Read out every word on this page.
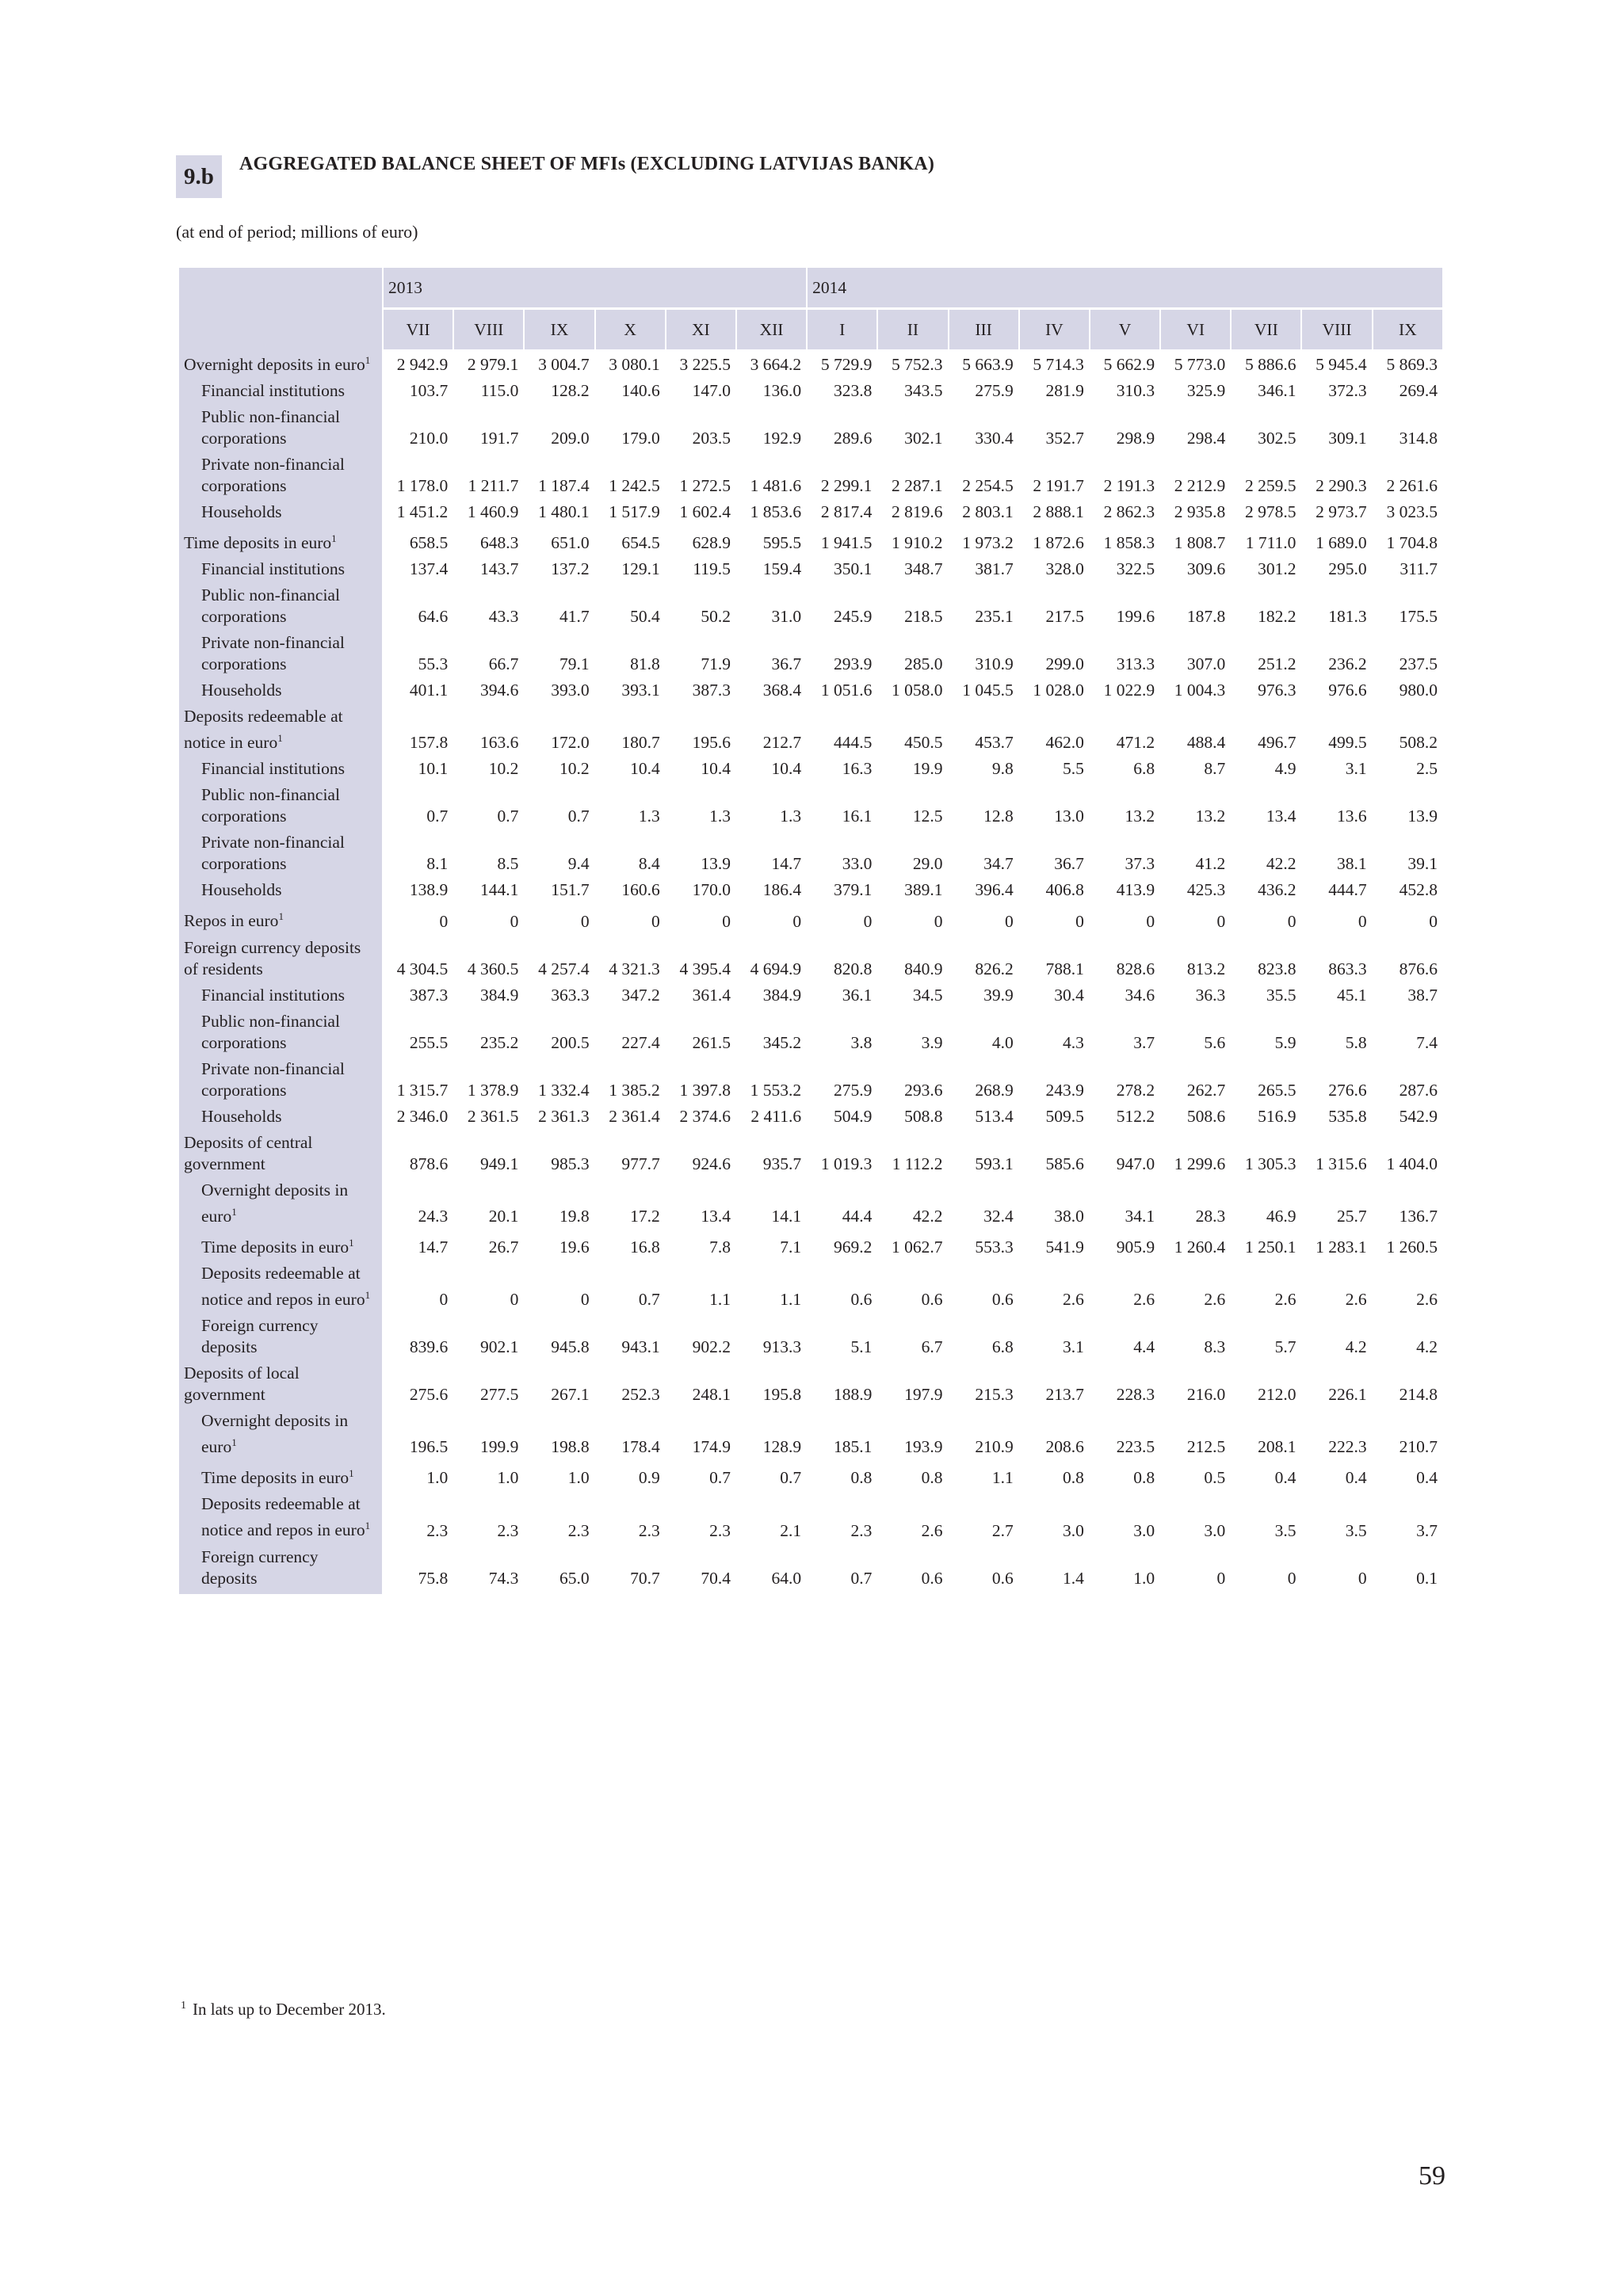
9.b	AGGREGATED BALANCE SHEET OF MFIs (EXCLUDING LATVIJAS BANKA)
(at end of period; millions of euro)
	2013						2014								
	VII	VIII	IX	X	XI	XII	I	II	III	IV	V	VI	VII	VIII	IX
Overnight deposits in euro$^1$	2 942.9	2 979.1	3 004.7	3 080.1	3 225.5	3 664.2	5 729.9	5 752.3	5 663.9	5 714.3	5 662.9	5 773.0	5 886.6	5 945.4	5 869.3
Financial institutions	103.7	115.0	128.2	140.6	147.0	136.0	323.8	343.5	275.9	281.9	310.3	325.9	346.1	372.3	269.4
Public non-financial corporations	210.0	191.7	209.0	179.0	203.5	192.9	289.6	302.1	330.4	352.7	298.9	298.4	302.5	309.1	314.8
Private non-financial corporations	1 178.0	1 211.7	1 187.4	1 242.5	1 272.5	1 481.6	2 299.1	2 287.1	2 254.5	2 191.7	2 191.3	2 212.9	2 259.5	2 290.3	2 261.6
Households	1 451.2	1 460.9	1 480.1	1 517.9	1 602.4	1 853.6	2 817.4	2 819.6	2 803.1	2 888.1	2 862.3	2 935.8	2 978.5	2 973.7	3 023.5
Time deposits in euro$^1$	658.5	648.3	651.0	654.5	628.9	595.5	1 941.5	1 910.2	1 973.2	1 872.6	1 858.3	1 808.7	1 711.0	1 689.0	1 704.8
Financial institutions	137.4	143.7	137.2	129.1	119.5	159.4	350.1	348.7	381.7	328.0	322.5	309.6	301.2	295.0	311.7
Public non-financial corporations	64.6	43.3	41.7	50.4	50.2	31.0	245.9	218.5	235.1	217.5	199.6	187.8	182.2	181.3	175.5
Private non-financial corporations	55.3	66.7	79.1	81.8	71.9	36.7	293.9	285.0	310.9	299.0	313.3	307.0	251.2	236.2	237.5
Households	401.1	394.6	393.0	393.1	387.3	368.4	1 051.6	1 058.0	1 045.5	1 028.0	1 022.9	1 004.3	976.3	976.6	980.0
Deposits redeemable at notice in euro$^1$	157.8	163.6	172.0	180.7	195.6	212.7	444.5	450.5	453.7	462.0	471.2	488.4	496.7	499.5	508.2
Financial institutions	10.1	10.2	10.2	10.4	10.4	10.4	16.3	19.9	9.8	5.5	6.8	8.7	4.9	3.1	2.5
Public non-financial corporations	0.7	0.7	0.7	1.3	1.3	1.3	16.1	12.5	12.8	13.0	13.2	13.2	13.4	13.6	13.9
Private non-financial corporations	8.1	8.5	9.4	8.4	13.9	14.7	33.0	29.0	34.7	36.7	37.3	41.2	42.2	38.1	39.1
Households	138.9	144.1	151.7	160.6	170.0	186.4	379.1	389.1	396.4	406.8	413.9	425.3	436.2	444.7	452.8
Repos in euro$^1$	0	0	0	0	0	0	0	0	0	0	0	0	0	0	0
Foreign currency deposits of residents	4 304.5	4 360.5	4 257.4	4 321.3	4 395.4	4 694.9	820.8	840.9	826.2	788.1	828.6	813.2	823.8	863.3	876.6
Financial institutions	387.3	384.9	363.3	347.2	361.4	384.9	36.1	34.5	39.9	30.4	34.6	36.3	35.5	45.1	38.7
Public non-financial corporations	255.5	235.2	200.5	227.4	261.5	345.2	3.8	3.9	4.0	4.3	3.7	5.6	5.9	5.8	7.4
Private non-financial corporations	1 315.7	1 378.9	1 332.4	1 385.2	1 397.8	1 553.2	275.9	293.6	268.9	243.9	278.2	262.7	265.5	276.6	287.6
Households	2 346.0	2 361.5	2 361.3	2 361.4	2 374.6	2 411.6	504.9	508.8	513.4	509.5	512.2	508.6	516.9	535.8	542.9
Deposits of central government	878.6	949.1	985.3	977.7	924.6	935.7	1 019.3	1 112.2	593.1	585.6	947.0	1 299.6	1 305.3	1 315.6	1 404.0
Overnight deposits in euro$^1$	24.3	20.1	19.8	17.2	13.4	14.1	44.4	42.2	32.4	38.0	34.1	28.3	46.9	25.7	136.7
Time deposits in euro$^1$	14.7	26.7	19.6	16.8	7.8	7.1	969.2	1 062.7	553.3	541.9	905.9	1 260.4	1 250.1	1 283.1	1 260.5
Deposits redeemable at notice and repos in euro$^1$	0	0	0	0.7	1.1	1.1	0.6	0.6	0.6	2.6	2.6	2.6	2.6	2.6	2.6
Foreign currency deposits	839.6	902.1	945.8	943.1	902.2	913.3	5.1	6.7	6.8	3.1	4.4	8.3	5.7	4.2	4.2
Deposits of local government	275.6	277.5	267.1	252.3	248.1	195.8	188.9	197.9	215.3	213.7	228.3	216.0	212.0	226.1	214.8
Overnight deposits in euro$^1$	196.5	199.9	198.8	178.4	174.9	128.9	185.1	193.9	210.9	208.6	223.5	212.5	208.1	222.3	210.7
Time deposits in euro$^1$	1.0	1.0	1.0	0.9	0.7	0.7	0.8	0.8	1.1	0.8	0.8	0.5	0.4	0.4	0.4
Deposits redeemable at notice and repos in euro$^1$	2.3	2.3	2.3	2.3	2.3	2.1	2.3	2.6	2.7	3.0	3.0	3.0	3.5	3.5	3.7
Foreign currency deposits	75.8	74.3	65.0	70.7	70.4	64.0	0.7	0.6	0.6	1.4	1.0	0	0	0	0.1
$^1$ In lats up to December 2013.
59
